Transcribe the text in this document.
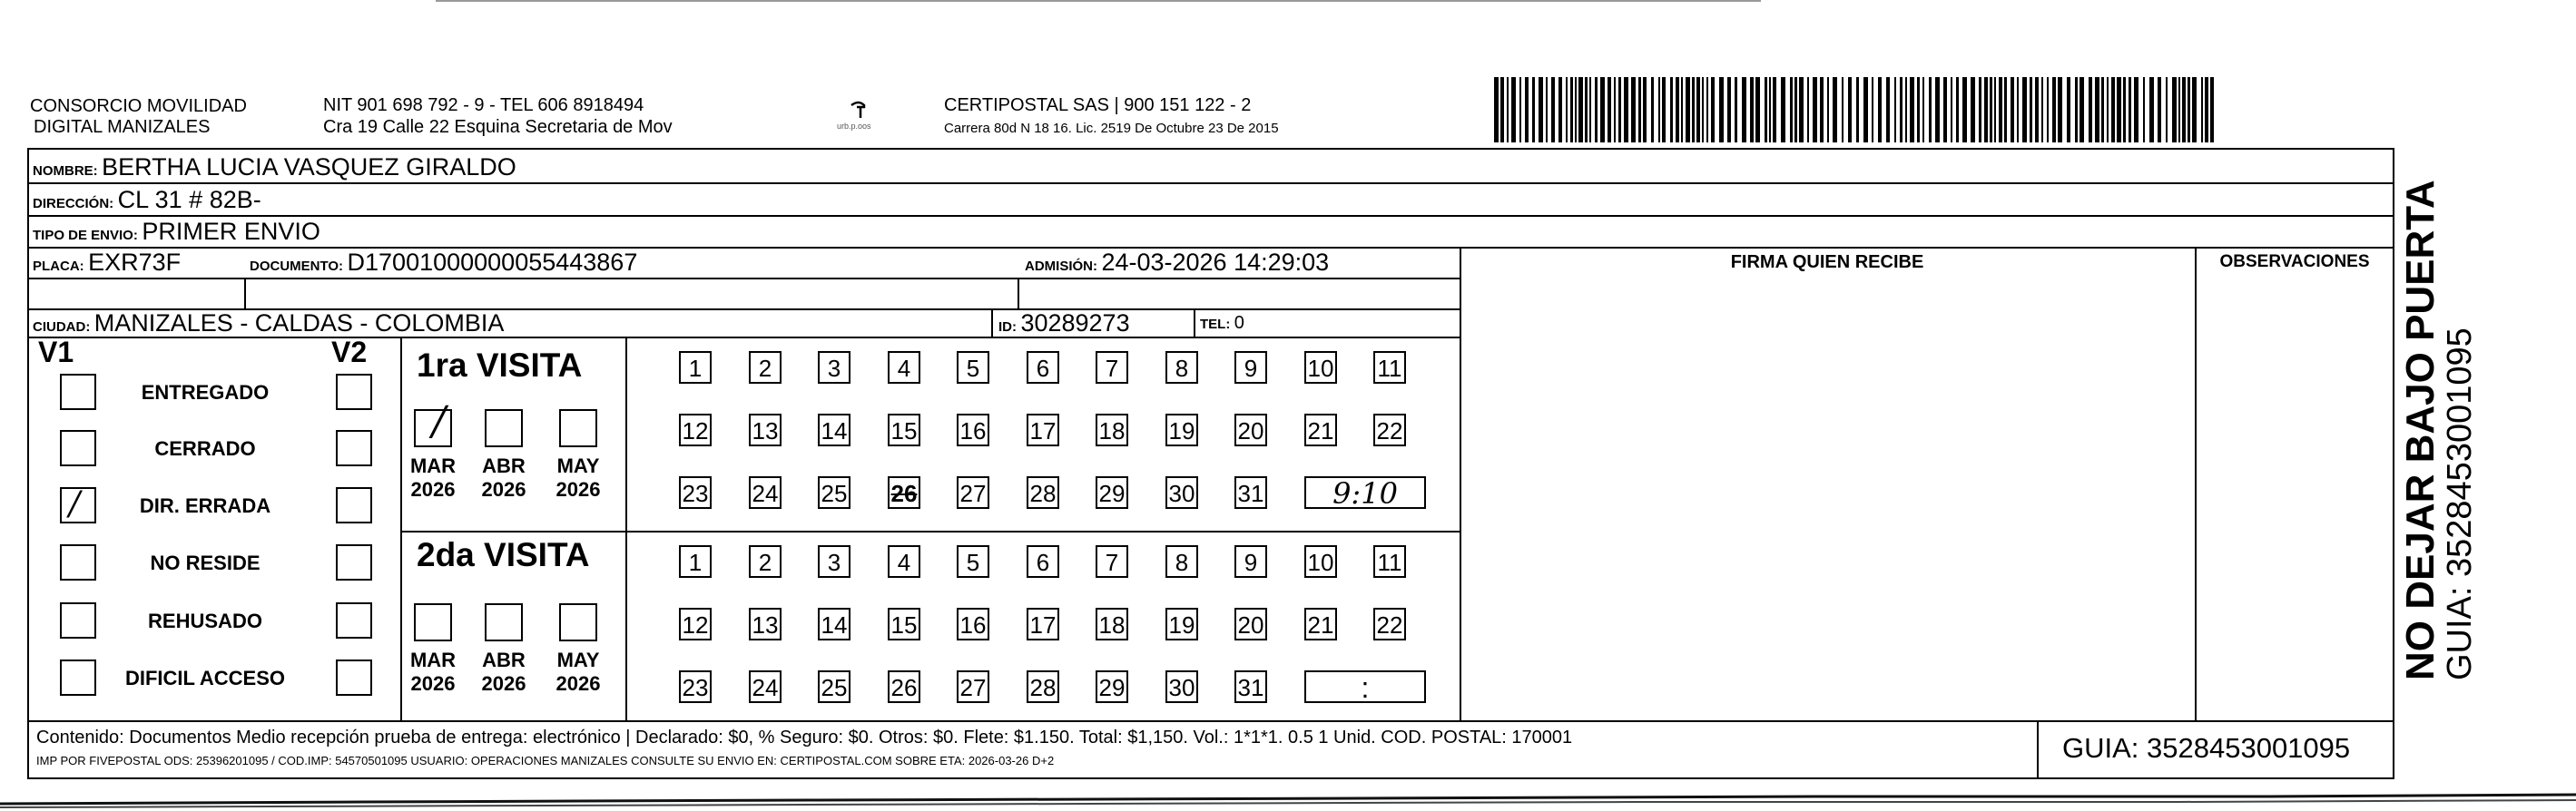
CONSORCIO MOVILIDAD
DIGITAL MANIZALES
NIT 901 698 792 - 9 - TEL 606 8918494
Cra 19 Calle 22 Esquina Secretaria de Mov	urb.p.oos
CERTIPOSTAL SAS | 900 151 122 - 2
Carrera 80d N 18 16. Lic. 2519 De Octubre 23 De 2015
NOMBRE: BERTHA LUCIA VASQUEZ GIRALDO
DIRECCIÓN: CL 31 # 82B-
TIPO DE ENVIO: PRIMER ENVIO
PLACA: EXR73F	DOCUMENTO: D17001000000055443867	ADMISIÓN: 24-03-2026 14:29:03
CIUDAD: MANIZALES - CALDAS - COLOMBIA	ID: 30289273	TEL: 0
FIRMA QUIEN RECIBE	OBSERVACIONES
V1	V2
ENTREGADO
CERRADO
/	DIR. ERRADA
NO RESIDE
REHUSADO
DIFICIL ACCESO
1ra VISITA
/
MAR
2026
ABR
2026
MAY
2026
1	2	3	4	5	6	7	8	9	10 11
12 13 14 15 16 17 18 19 20 21 22
23 24 25 26 27 28 29 30 31	9:10
2da VISITA
MAR
2026
ABR
2026
MAY
2026
1	2	3	4	5	6	7	8	9	10 11
12 13 14 15 16 17 18 19 20 21 22
23 24 25 26 27 28 29 30 31	:
Contenido: Documentos Medio recepción prueba de entrega: electrónico | Declarado: $0, % Seguro: $0. Otros: $0. Flete: $1.150. Total: $1,150. Vol.: 1*1*1. 0.5 1 Unid. COD. POSTAL: 170001
IMP POR FIVEPOSTAL ODS: 25396201095 / COD.IMP: 54570501095 USUARIO: OPERACIONES MANIZALES CONSULTE SU ENVIO EN: CERTIPOSTAL.COM SOBRE ETA: 2026-03-26 D+2	GUIA: 3528453001095
NO DEJAR BAJO PUERTA
GUIA: 3528453001095
